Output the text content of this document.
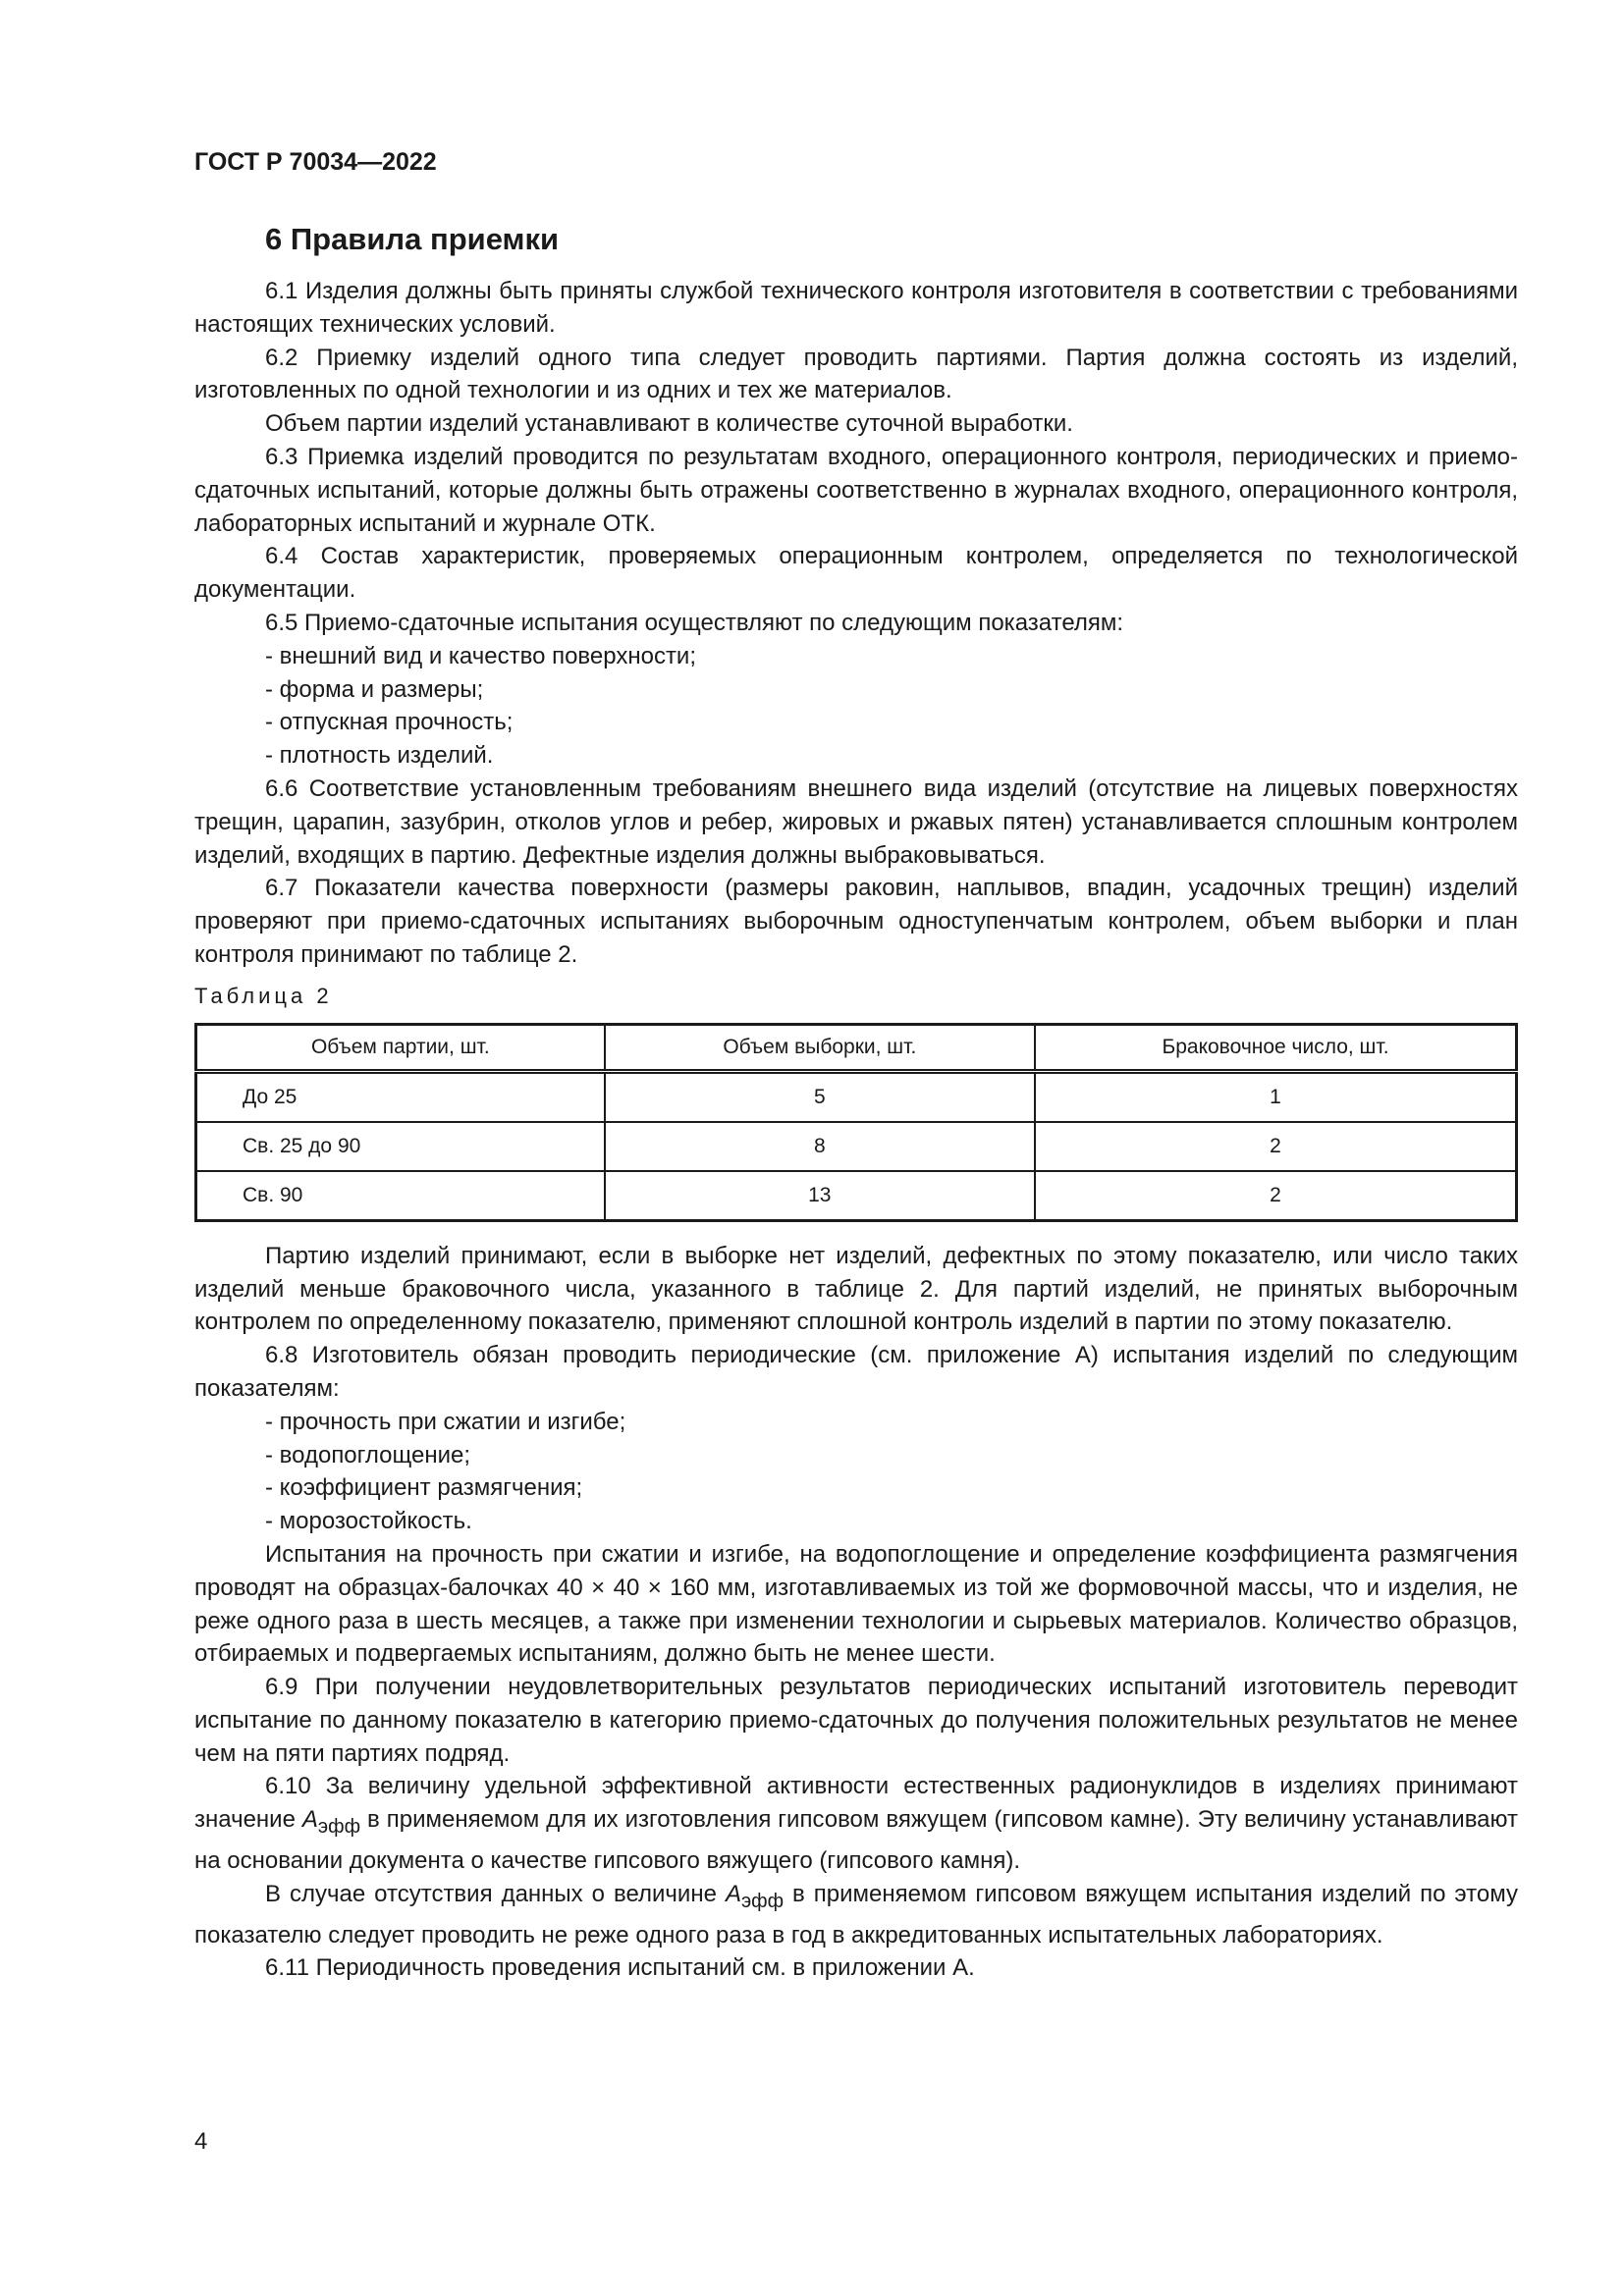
ГОСТ Р 70034—2022

6 Правила приемки

6.1 Изделия должны быть приняты службой технического контроля изготовителя в соответствии с требованиями настоящих технических условий.

6.2 Приемку изделий одного типа следует проводить партиями. Партия должна состоять из изделий, изготовленных по одной технологии и из одних и тех же материалов.

Объем партии изделий устанавливают в количестве суточной выработки.

6.3 Приемка изделий проводится по результатам входного, операционного контроля, периодических и приемо-сдаточных испытаний, которые должны быть отражены соответственно в журналах входного, операционного контроля, лабораторных испытаний и журнале ОТК.

6.4 Состав характеристик, проверяемых операционным контролем, определяется по технологической документации.

6.5 Приемо-сдаточные испытания осуществляют по следующим показателям:

- внешний вид и качество поверхности;

- форма и размеры;

- отпускная прочность;

- плотность изделий.

6.6 Соответствие установленным требованиям внешнего вида изделий (отсутствие на лицевых поверхностях трещин, царапин, зазубрин, отколов углов и ребер, жировых и ржавых пятен) устанавливается сплошным контролем изделий, входящих в партию. Дефектные изделия должны выбраковываться.

6.7 Показатели качества поверхности (размеры раковин, наплывов, впадин, усадочных трещин) изделий проверяют при приемо-сдаточных испытаниях выборочным одноступенчатым контролем, объем выборки и план контроля принимают по таблице 2.

Таблица 2

Объем партии, шт.	Объем выборки, шт.	Браковочное число, шт.
До 25	5	1
Св. 25 до 90	8	2
Св. 90	13	2

Партию изделий принимают, если в выборке нет изделий, дефектных по этому показателю, или число таких изделий меньше браковочного числа, указанного в таблице 2. Для партий изделий, не принятых выборочным контролем по определенному показателю, применяют сплошной контроль изделий в партии по этому показателю.

6.8 Изготовитель обязан проводить периодические (см. приложение А) испытания изделий по следующим показателям:

- прочность при сжатии и изгибе;

- водопоглощение;

- коэффициент размягчения;

- морозостойкость.

Испытания на прочность при сжатии и изгибе, на водопоглощение и определение коэффициента размягчения проводят на образцах-балочках 40 × 40 × 160 мм, изготавливаемых из той же формовочной массы, что и изделия, не реже одного раза в шесть месяцев, а также при изменении технологии и сырьевых материалов. Количество образцов, отбираемых и подвергаемых испытаниям, должно быть не менее шести.

6.9 При получении неудовлетворительных результатов периодических испытаний изготовитель переводит испытание по данному показателю в категорию приемо-сдаточных до получения положительных результатов не менее чем на пяти партиях подряд.

6.10 За величину удельной эффективной активности естественных радионуклидов в изделиях принимают значение $A_{эфф}$ в применяемом для их изготовления гипсовом вяжущем (гипсовом камне). Эту величину устанавливают на основании документа о качестве гипсового вяжущего (гипсового камня).

В случае отсутствия данных о величине $A_{эфф}$ в применяемом гипсовом вяжущем испытания изделий по этому показателю следует проводить не реже одного раза в год в аккредитованных испытательных лабораториях.

6.11 Периодичность проведения испытаний см. в приложении А.

4
